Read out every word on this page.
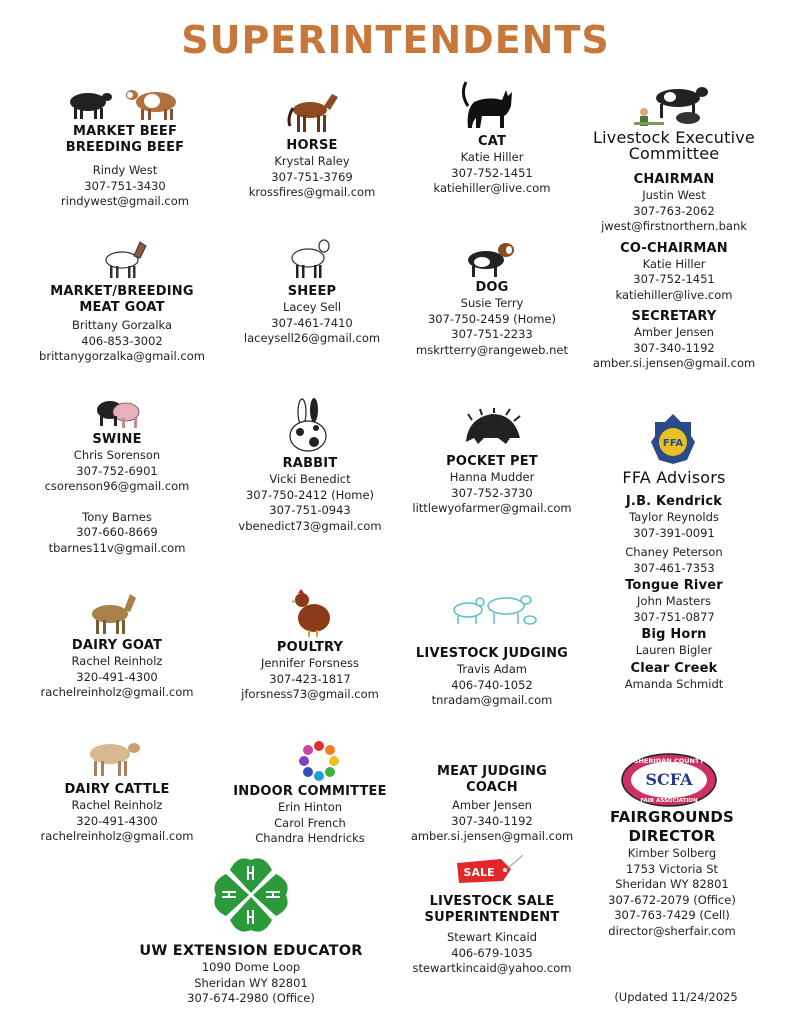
SUPERINTENDENTS
MARKET BEEF
BREEDING BEEF
Rindy West
307-751-3430
rindywest@gmail.com
HORSE
Krystal Raley
307-751-3769
krossfires@gmail.com
CAT
Katie Hiller
307-752-1451
katiehiller@live.com
Livestock Executive
Committee
CHAIRMAN
Justin West
307-763-2062
jwest@firstnorthern.bank
CO-CHAIRMAN
Katie Hiller
307-752-1451
katiehiller@live.com
SECRETARY
Amber Jensen
307-340-1192
amber.si.jensen@gmail.com
MARKET/BREEDING
MEAT GOAT
Brittany Gorzalka
406-853-3002
brittanygorzalka@gmail.com
SHEEP
Lacey Sell
307-461-7410
laceysell26@gmail.com
DOG
Susie Terry
307-750-2459 (Home)
307-751-2233
mskrtterry@rangeweb.net
SWINE
Chris Sorenson
307-752-6901
csorenson96@gmail.com
Tony Barnes
307-660-8669
tbarnes11v@gmail.com
RABBIT
Vicki Benedict
307-750-2412 (Home)
307-751-0943
vbenedict73@gmail.com
POCKET PET
Hanna Mudder
307-752-3730
littlewyofarmer@gmail.com
FFA
FFA Advisors
J.B. Kendrick
Taylor Reynolds
307-391-0091
Chaney Peterson
307-461-7353
Tongue River
John Masters
307-751-0877
Big Horn
Lauren Bigler
Clear Creek
Amanda Schmidt
DAIRY GOAT
Rachel Reinholz
320-491-4300
rachelreinholz@gmail.com
POULTRY
Jennifer Forsness
307-423-1817
jforsness73@gmail.com
LIVESTOCK JUDGING
Travis Adam
406-740-1052
tnradam@gmail.com
DAIRY CATTLE
Rachel Reinholz
320-491-4300
rachelreinholz@gmail.com
INDOOR COMMITTEE
Erin Hinton
Carol French
Chandra Hendricks
MEAT JUDGING
COACH
Amber Jensen
307-340-1192
amber.si.jensen@gmail.com
SALE
LIVESTOCK SALE
SUPERINTENDENT
Stewart Kincaid
406-679-1035
stewartkincaid@yahoo.com
SHERIDAN COUNTY
SCFA
FAIR ASSOCIATION
FAIRGROUNDS
DIRECTOR
Kimber Solberg
1753 Victoria St
Sheridan WY 82801
307-672-2079 (Office)
307-763-7429 (Cell)
director@sherfair.com
UW EXTENSION EDUCATOR
1090 Dome Loop
Sheridan WY 82801
307-674-2980 (Office)	(Updated 11/24/2025
